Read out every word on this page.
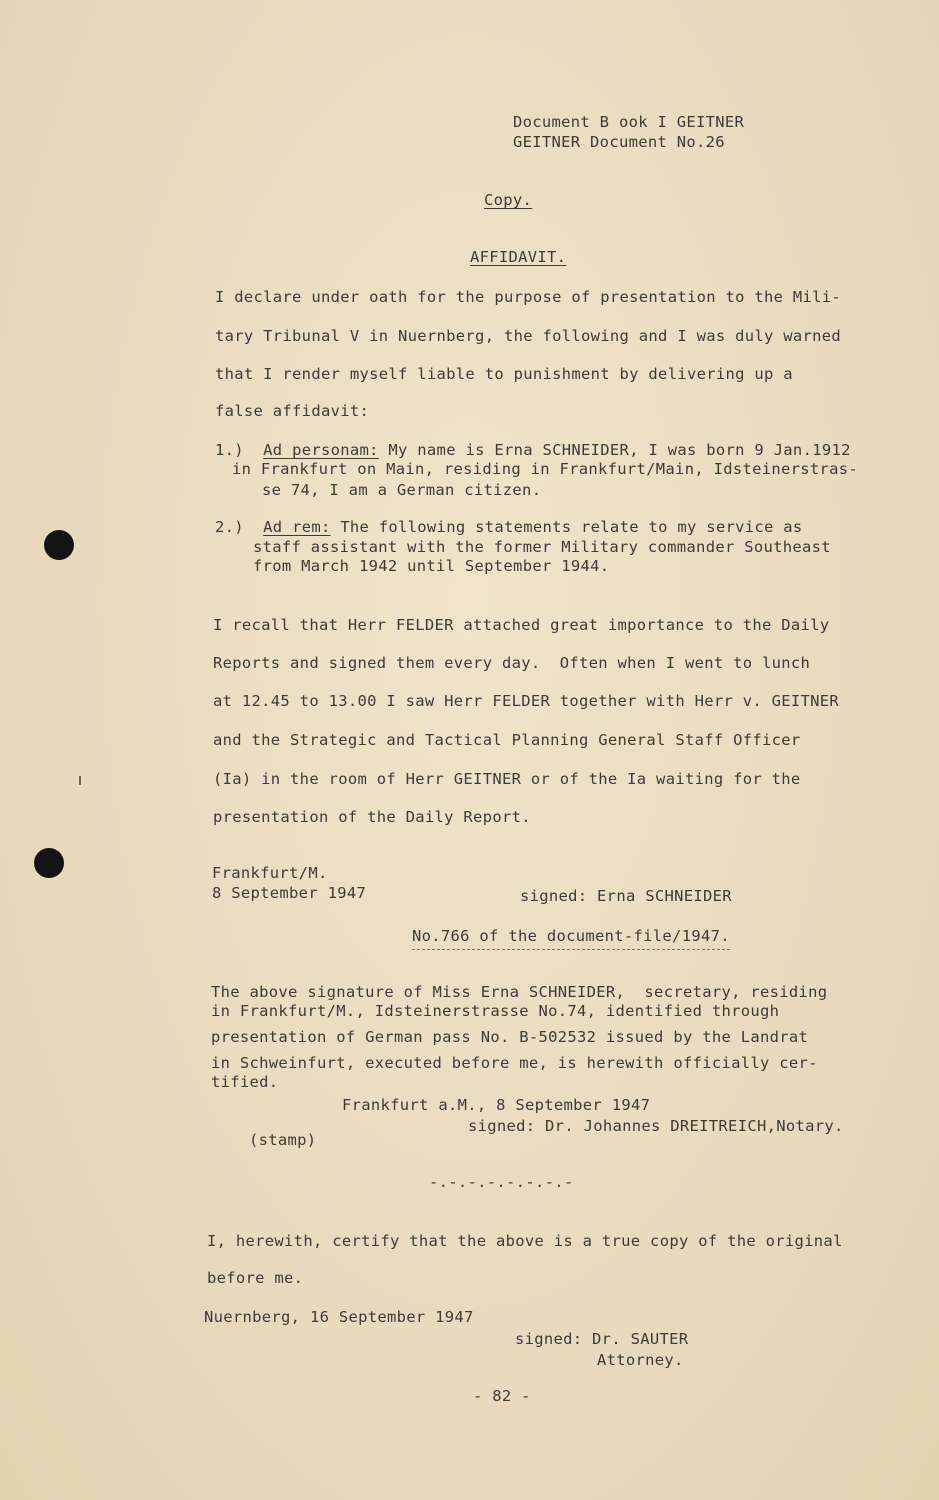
Document B ook I GEITNER
GEITNER Document No.26
Copy.
AFFIDAVIT.
I declare under oath for the purpose of presentation to the Mili-
tary Tribunal V in Nuernberg, the following and I was duly warned
that I render myself liable to punishment by delivering up a
false affidavit:
1.) Ad personam: My name is Erna SCHNEIDER, I was born 9 Jan.1912
in Frankfurt on Main, residing in Frankfurt/Main, Idsteinerstras-
se 74, I am a German citizen.
2.) Ad rem: The following statements relate to my service as
staff assistant with the former Military commander Southeast
from March 1942 until September 1944.
I recall that Herr FELDER attached great importance to the Daily
Reports and signed them every day.  Often when I went to lunch
at 12.45 to 13.00 I saw Herr FELDER together with Herr v. GEITNER
and the Strategic and Tactical Planning General Staff Officer
(Ia) in the room of Herr GEITNER or of the Ia waiting for the
presentation of the Daily Report.
Frankfurt/M.
8 September 1947	signed: Erna SCHNEIDER
No.766 of the document-file/1947.
The above signature of Miss Erna SCHNEIDER,  secretary, residing
in Frankfurt/M., Idsteinerstrasse No.74, identified through
presentation of German pass No. B-502532 issued by the Landrat
in Schweinfurt, executed before me, is herewith officially cer-
tified.
Frankfurt a.M., 8 September 1947
signed: Dr. Johannes DREITREICH,Notary.
(stamp)
-.-.-.-.-.-.-.-
I, herewith, certify that the above is a true copy of the original
before me.
Nuernberg, 16 September 1947
signed: Dr. SAUTER
Attorney.
- 82 -
